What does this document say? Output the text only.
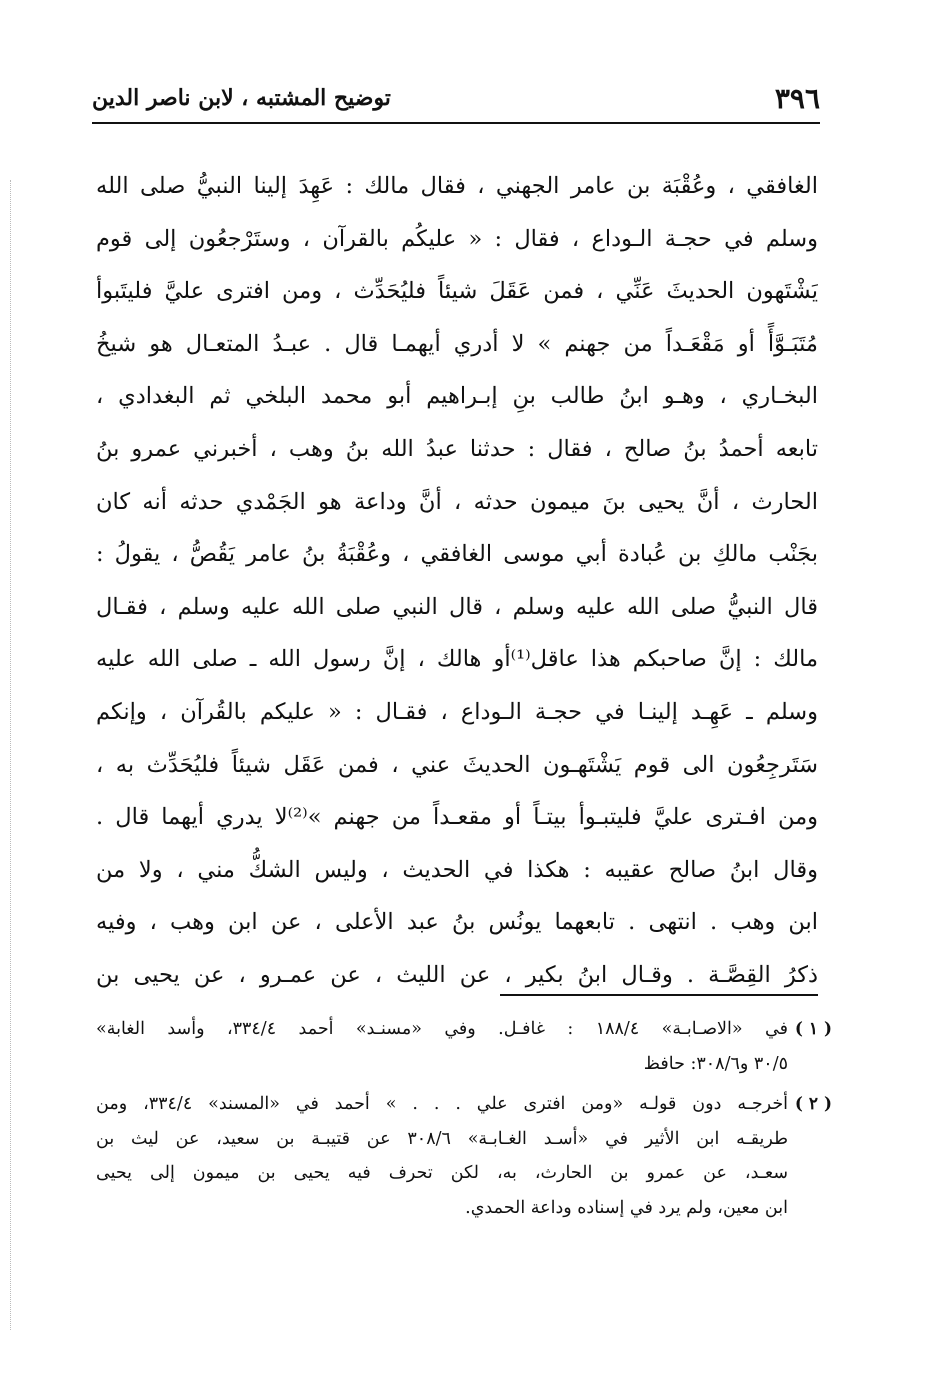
٣٩٦
توضيح المشتبه ، لابن ناصر الدين
الغافقي ، وعُقْبَة بن عامر الجهني ، فقال مالك : عَهِدَ إلينا النبيُّ صلى الله
وسلم في حجـة الـوداع ، فقال : « عليكُم بالقرآن ، وستَرْجعُون إلى قوم
يَشْتَهون الحديثَ عَنِّي ، فمن عَقَلَ شيئاً فليُحَدِّث ، ومن افترى عليَّ فليتَبوأ
مُتَبَـوَّأً أو مَقْعَـداً من جهنم » لا أدري أيهمـا قال . عبـدُ المتعـال هو شيخُ
البخـاري ، وهـو ابنُ طالب بنِ إبـراهيم أبو محمد البلخي ثم البغدادي ،
تابعه أحمدُ بنُ صالح ، فقال : حدثنا عبدُ الله بنُ وهب ، أخبرني عمرو بنُ
الحارث ، أنَّ يحيى بنَ ميمون حدثه ، أنَّ وداعة هو الجَمْدي حدثه أنه كان
بجَنْب مالكِ بن عُبادة أبي موسى الغافقي ، وعُقْبَةُ بنُ عامر يَقُصُّ ، يقولُ :
قال النبيُّ صلى الله عليه وسلم ، قال النبي صلى الله عليه وسلم ، فقـال
مالك : إنَّ صاحبكم هذا عاقل⁽¹⁾أو هالك ، إنَّ رسول الله ـ صلى الله عليه
وسلم ـ عَهِـد إلينـا في حجـة الـوداع ، فقـال : « عليكم بالقُرآن ، وإنكم
سَتَرجِعُون الى قوم يَشْتَهـون الحديثَ عني ، فمن عَقَل شيئاً فليُحَدِّث به ،
ومن افـترى عليَّ فليتبـوأ بيتـاً أو مقعـداً من جهنم »⁽²⁾لا يدري أيهما قال .
وقال ابنُ صالح عقيبه : هكذا في الحديث ، وليس الشكُّ مني ، ولا من
ابن وهب . انتهى . تابعهما يونُس بنُ عبد الأعلى ، عن ابن وهب ، وفيه
ذكرُ القِصَّـة . وقـال ابنُ بكير ، عن الليث ، عن عمـرو ، عن يحيى بن
( ١ )
في «الاصـابـة» ١٨٨/٤ : غافـل. وفي «مسنـد» أحمد ٣٣٤/٤، وأسد الغابة»
٣٠/٥ و٣٠٨/٦: حافظ
( ٢ )
أخرجـه دون قولـه «ومن افترى علي . . . » أحمد في «المسند» ٣٣٤/٤، ومن
طريقـه ابن الأثير في «أسـد الغـابـة» ٣٠٨/٦ عن قتيبـة بن سعيد، عن ليث بن
سعـد، عن عمرو بن الحارث، به، لكن تحرف فيه يحيى بن ميمون إلى يحيى
ابن معين، ولم يرد في إسناده وداعة الحمدي.
